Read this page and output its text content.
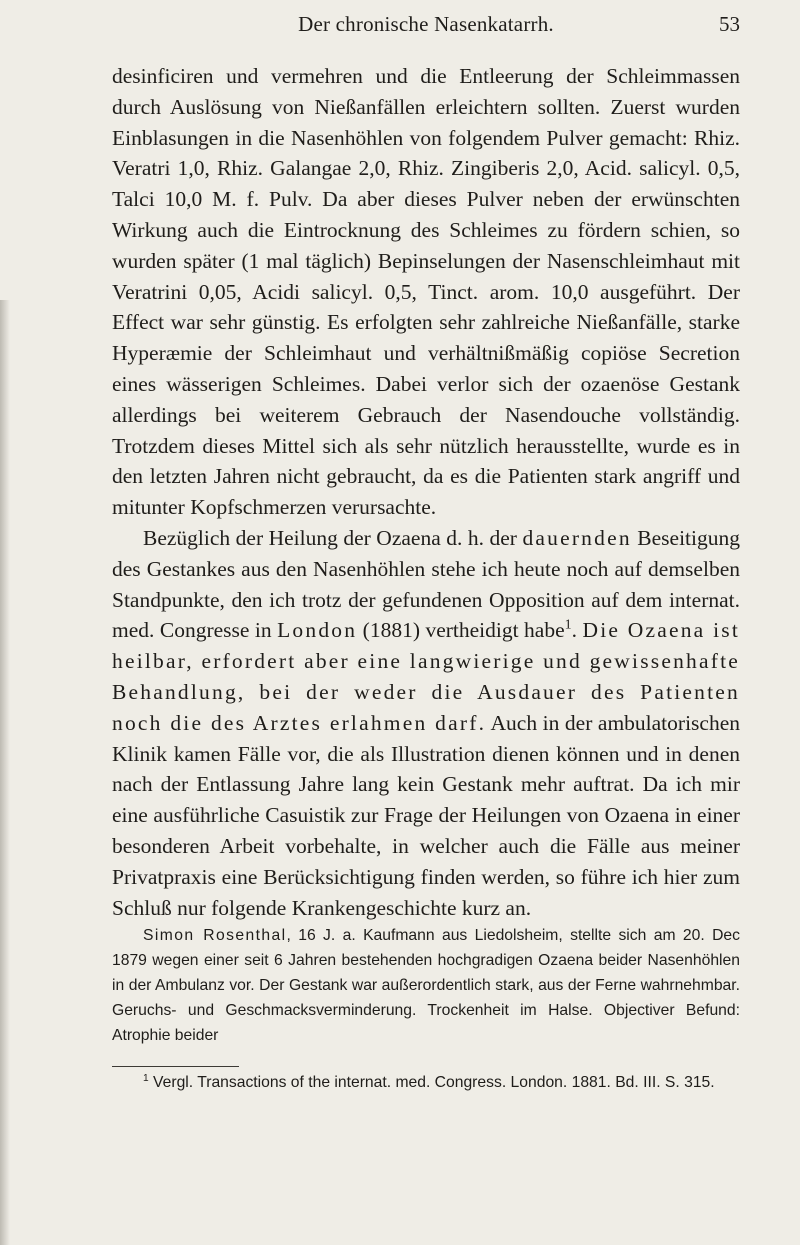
Der chronische Nasenkatarrh.	53

desinficiren und vermehren und die Entleerung der Schleimmassen durch Auslösung von Nießanfällen erleichtern sollten. Zuerst wurden Einblasungen in die Nasenhöhlen von folgendem Pulver gemacht: Rhiz. Veratri 1,0, Rhiz. Galangae 2,0, Rhiz. Zingiberis 2,0, Acid. salicyl. 0,5, Talci 10,0 M. f. Pulv. Da aber dieses Pulver neben der erwünschten Wirkung auch die Eintrocknung des Schleimes zu fördern schien, so wurden später (1 mal täglich) Bepinselungen der Nasenschleimhaut mit Veratrini 0,05, Acidi salicyl. 0,5, Tinct. arom. 10,0 ausgeführt. Der Effect war sehr günstig. Es erfolgten sehr zahlreiche Nießanfälle, starke Hyperæmie der Schleimhaut und verhältnißmäßig copiöse Secretion eines wässerigen Schleimes. Dabei verlor sich der ozaenöse Gestank allerdings bei weiterem Gebrauch der Nasendouche vollständig. Trotzdem dieses Mittel sich als sehr nützlich herausstellte, wurde es in den letzten Jahren nicht gebraucht, da es die Patienten stark angriff und mitunter Kopfschmerzen verursachte.

Bezüglich der Heilung der Ozaena d. h. der dauernden Beseitigung des Gestankes aus den Nasenhöhlen stehe ich heute noch auf demselben Standpunkte, den ich trotz der gefundenen Opposition auf dem internat. med. Congresse in London (1881) vertheidigt habe$^1$. Die Ozaena ist heilbar, erfordert aber eine langwierige und gewissenhafte Behandlung, bei der weder die Ausdauer des Patienten noch die des Arztes erlahmen darf. Auch in der ambulatorischen Klinik kamen Fälle vor, die als Illustration dienen können und in denen nach der Entlassung Jahre lang kein Gestank mehr auftrat. Da ich mir eine ausführliche Casuistik zur Frage der Heilungen von Ozaena in einer besonderen Arbeit vorbehalte, in welcher auch die Fälle aus meiner Privatpraxis eine Berücksichtigung finden werden, so führe ich hier zum Schluß nur folgende Krankengeschichte kurz an.

Simon Rosenthal, 16 J. a. Kaufmann aus Liedolsheim, stellte sich am 20. Dec 1879 wegen einer seit 6 Jahren bestehenden hochgradigen Ozaena beider Nasenhöhlen in der Ambulanz vor. Der Gestank war außerordentlich stark, aus der Ferne wahrnehmbar. Geruchs- und Geschmacksverminderung. Trockenheit im Halse. Objectiver Befund: Atrophie beider

$^1$ Vergl. Transactions of the internat. med. Congress. London. 1881. Bd. III. S. 315.
